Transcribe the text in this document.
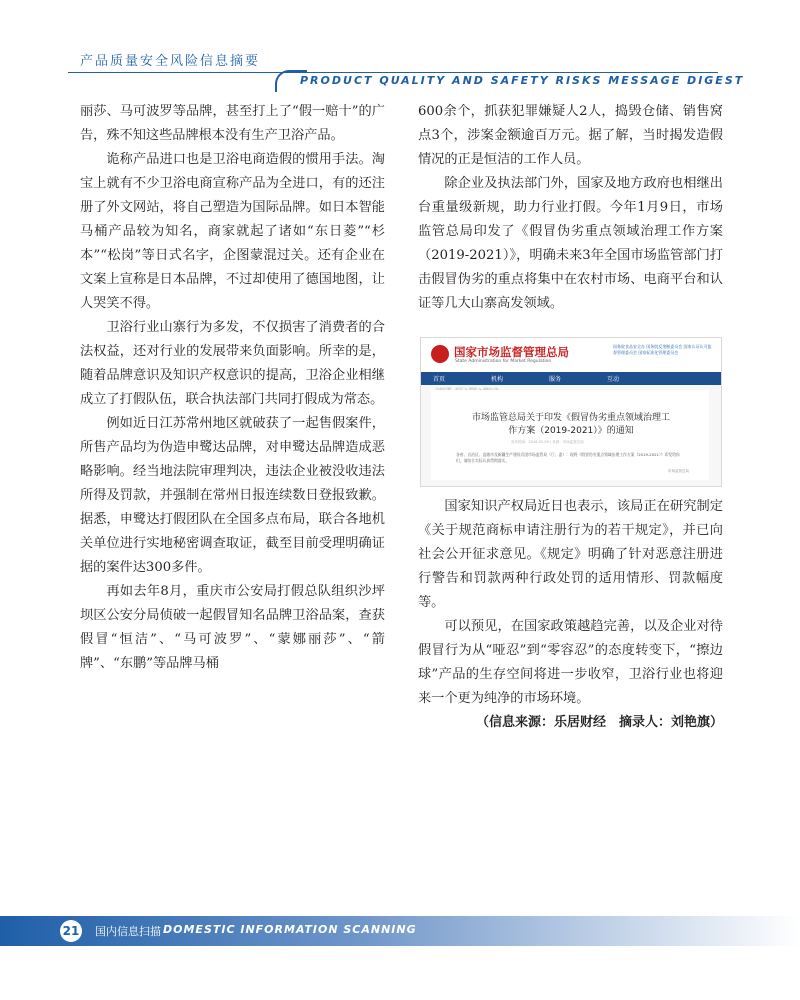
产品质量安全风险信息摘要
PRODUCT QUALITY AND SAFETY RISKS MESSAGE DIGEST

丽莎、马可波罗等品牌，甚至打上了“假一赔十”的广告，殊不知这些品牌根本没有生产卫浴产品。

诡称产品进口也是卫浴电商造假的惯用手法。淘宝上就有不少卫浴电商宣称产品为全进口，有的还注册了外文网站，将自己塑造为国际品牌。如日本智能马桶产品较为知名，商家就起了诸如“东日菱”“杉本”“松岗”等日式名字，企图蒙混过关。还有企业在文案上宣称是日本品牌，不过却使用了德国地图，让人哭笑不得。

卫浴行业山寨行为多发，不仅损害了消费者的合法权益，还对行业的发展带来负面影响。所幸的是，随着品牌意识及知识产权意识的提高，卫浴企业相继成立了打假队伍，联合执法部门共同打假成为常态。

例如近日江苏常州地区就破获了一起售假案件，所售产品均为伪造申鹭达品牌，对申鹭达品牌造成恶略影响。经当地法院审理判决，违法企业被没收违法所得及罚款，并强制在常州日报连续数日登报致歉。据悉，申鹭达打假团队在全国多点布局，联合各地机关单位进行实地秘密调查取证，截至目前受理明确证据的案件达300多件。

再如去年8月，重庆市公安局打假总队组织沙坪坝区公安分局侦破一起假冒知名品牌卫浴品案，查获假冒“恒洁”、“马可波罗”、“蒙娜丽莎”、“箭牌”、“东鹏”等品牌马桶

600余个，抓获犯罪嫌疑人2人，捣毁仓储、销售窝点3个，涉案金额逾百万元。据了解，当时揭发造假情况的正是恒洁的工作人员。

除企业及执法部门外，国家及地方政府也相继出台重量级新规，助力行业打假。今年1月9日，市场监管总局印发了《假冒伪劣重点领域治理工作方案（2019-2021）》，明确未来3年全国市场监管部门打击假冒伪劣的重点将集中在农村市场、电商平台和认证等几大山寨高发领域。

国家市场监督管理总局
State Administration for Market Regulation
国务院食品安全办 国务院反垄断委员会 国家认证认可监督管理委员会 国家标准化管理委员会
首页	机构	服务	互动
市场监管总局关于印发《假冒伪劣重点领域治理工作方案（2019-2021）》的通知
发布时间：2019-01-09 | 来源：市场监管总局
各省、自治区、直辖市及新疆生产建设兵团市场监管局（厅、委）：现将《假冒伪劣重点领域治理工作方案（2019-2021）》印发给你们，请结合实际认真贯彻落实。
市场监管总局

国家知识产权局近日也表示，该局正在研究制定《关于规范商标申请注册行为的若干规定》，并已向社会公开征求意见。《规定》明确了针对恶意注册进行警告和罚款两种行政处罚的适用情形、罚款幅度等。

可以预见，在国家政策越趋完善，以及企业对待假冒行为从“哑忍”到“零容忍”的态度转变下，“擦边球”产品的生存空间将进一步收窄，卫浴行业也将迎来一个更为纯净的市场环境。

（信息来源：乐居财经　摘录人：刘艳旗）

21 国内信息扫描 DOMESTIC INFORMATION SCANNING
